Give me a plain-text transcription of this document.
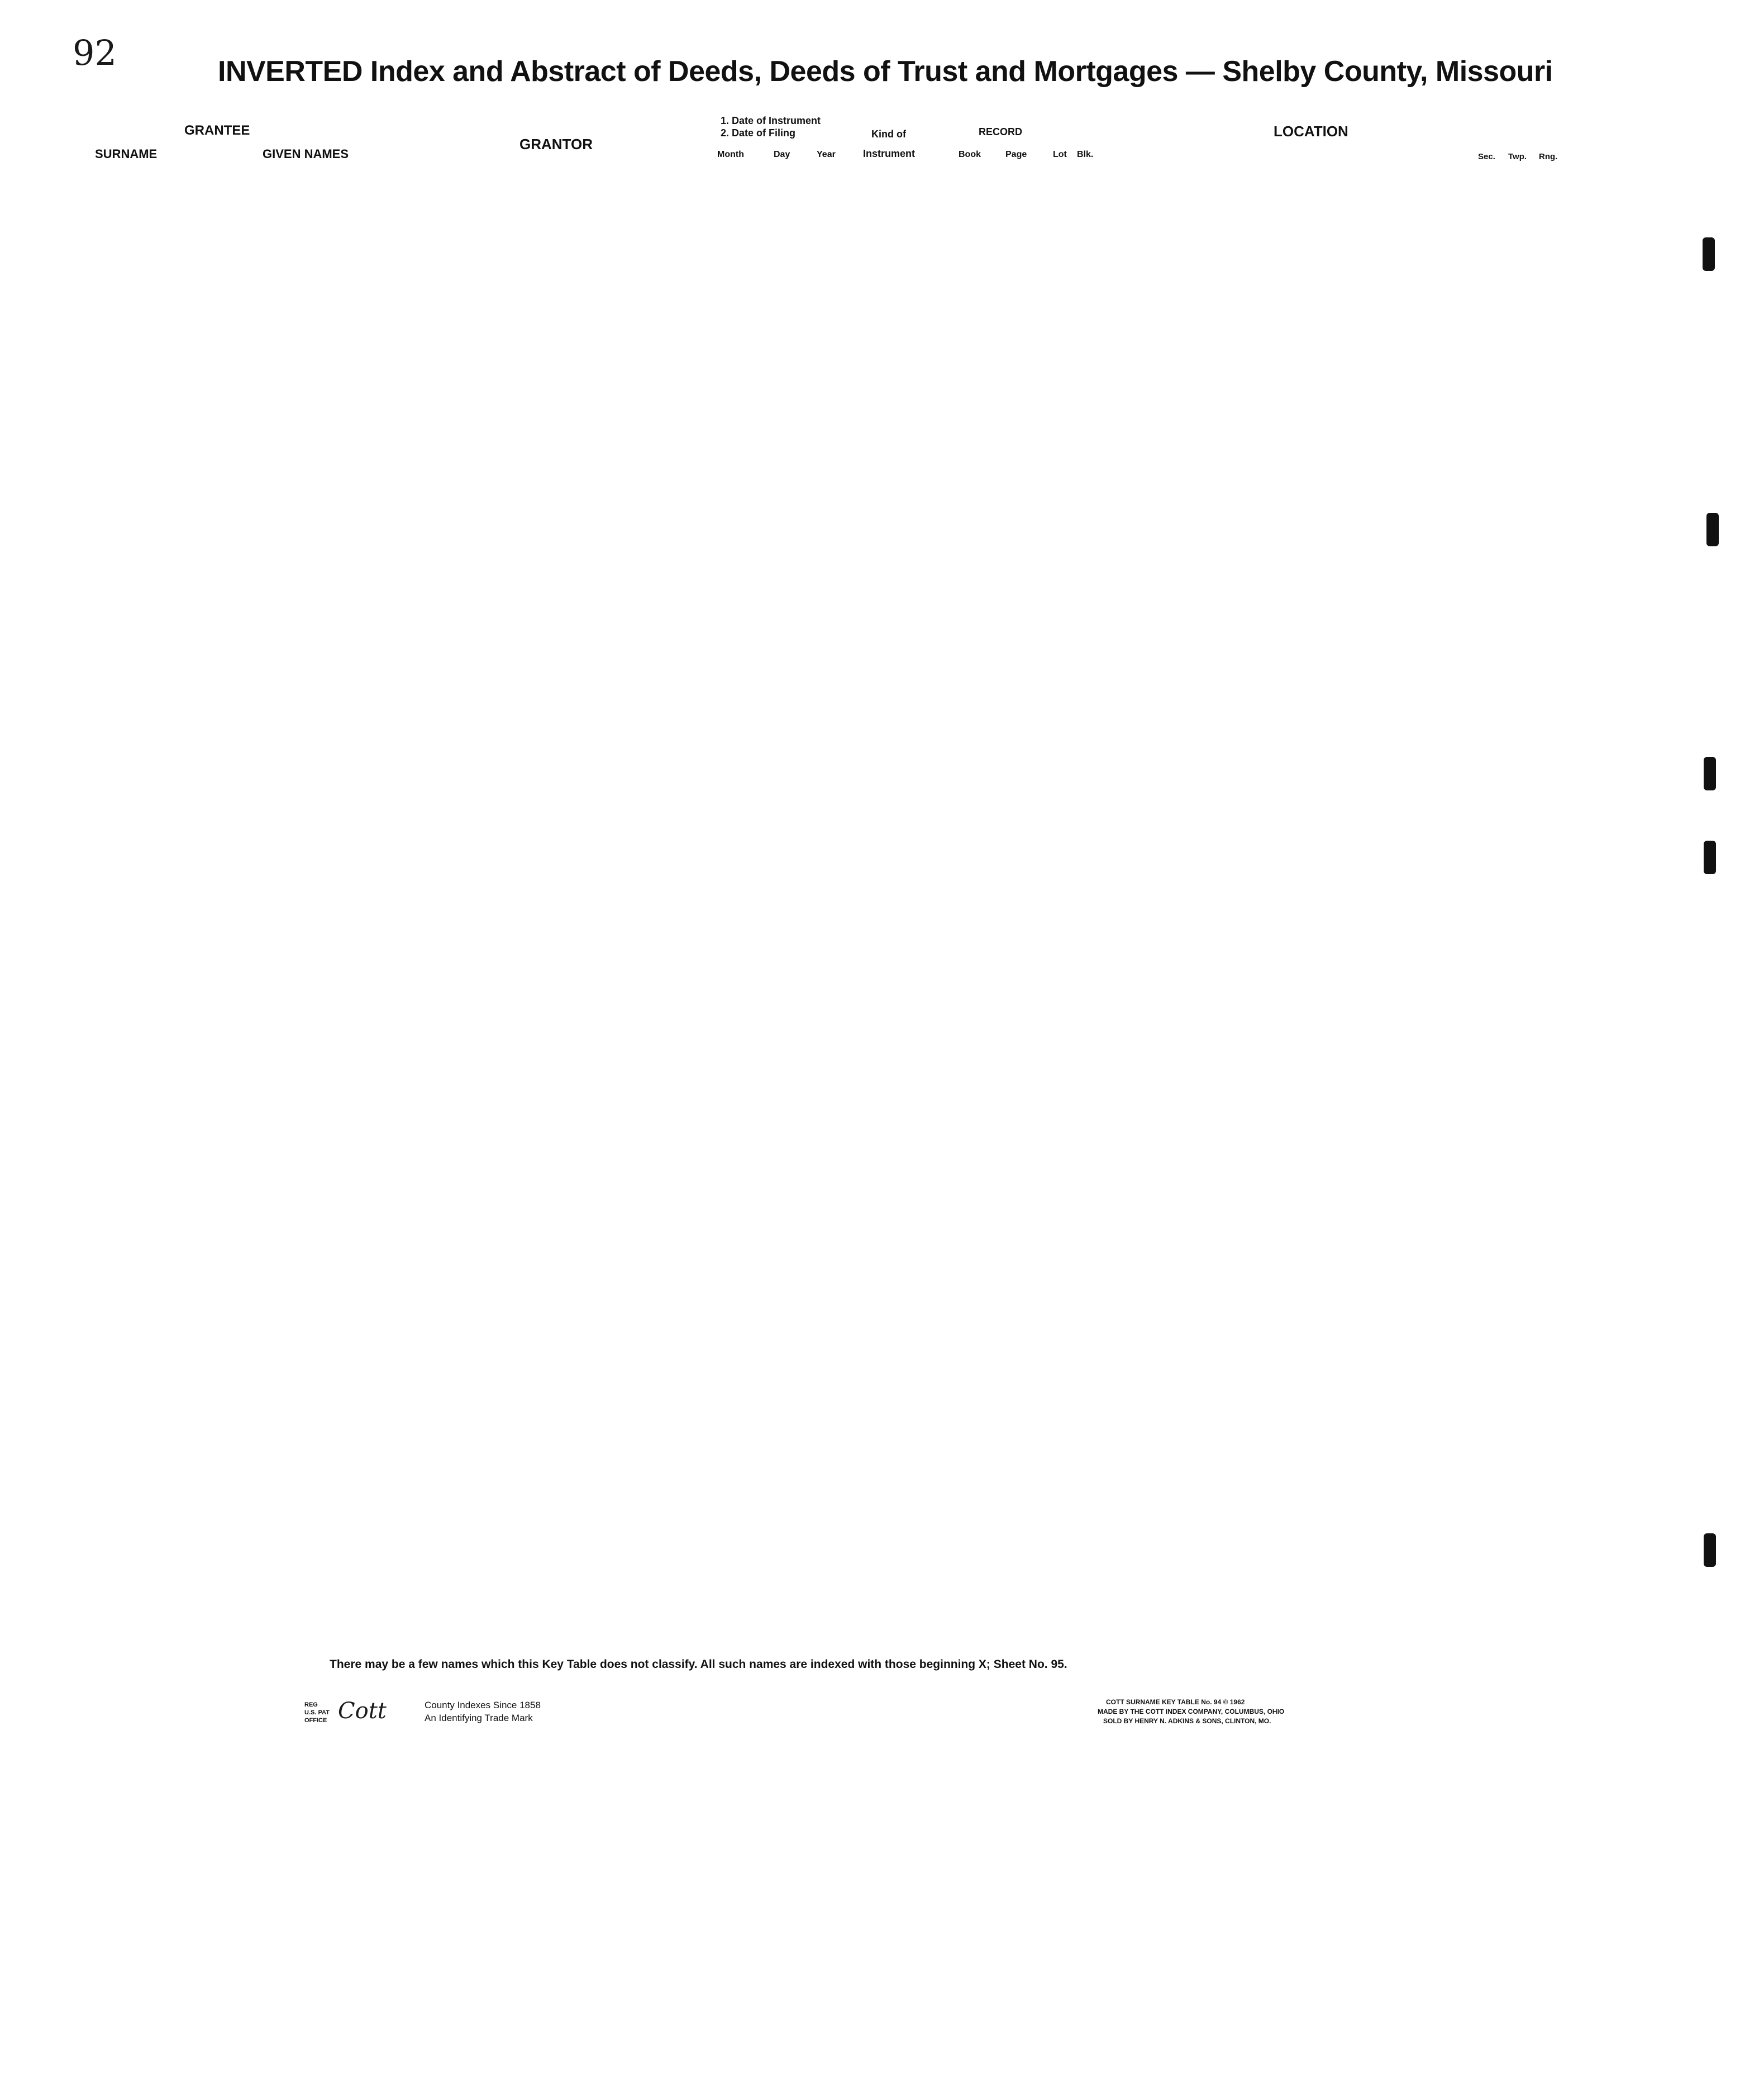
92	INVERTED Index and Abstract of Deeds, Deeds of Trust and Mortgages — Shelby County, Missouri
GRANTEE
SURNAME	GIVEN NAMES
GRANTOR
1. Date of Instrument
2. Date of Filing
Month	Day	Year
Kind of
Instrument
RECORD
Book	Page
LOCATION
Lot Blk.	Sec. Twp. Rng.
There may be a few names which this Key Table does not classify. All such names are indexed with those beginning X; Sheet No. 95.
REG U.S. PAT OFFICE Cott	County Indexes Since 1858
An Identifying Trade Mark
COTT SURNAME KEY TABLE No. 94 © 1962
MADE BY THE COTT INDEX COMPANY, COLUMBUS, OHIO
SOLD BY HENRY N. ADKINS & SONS, CLINTON, MO.
